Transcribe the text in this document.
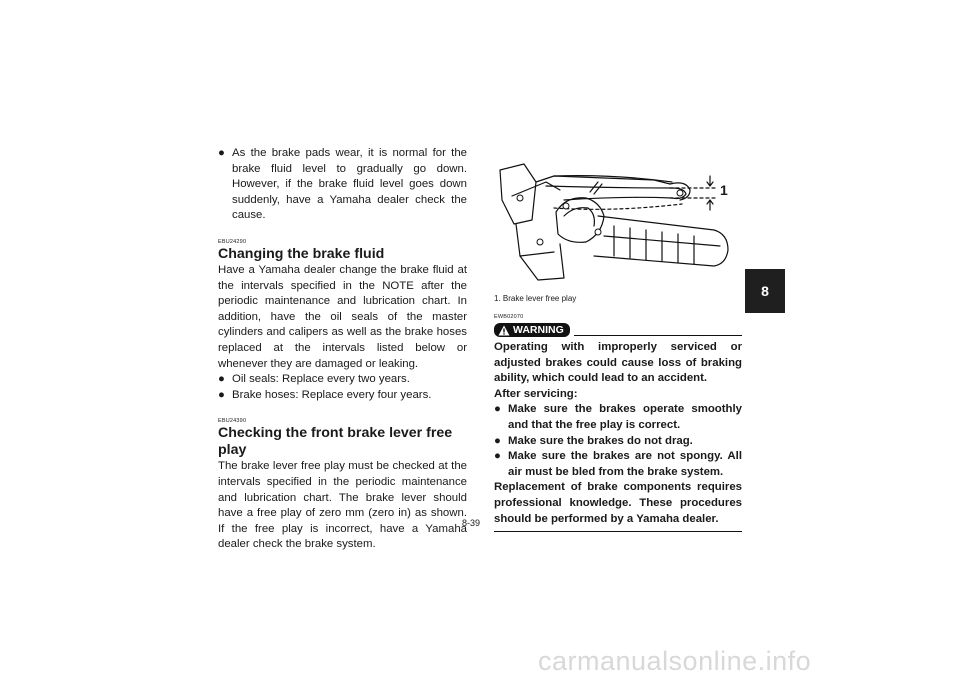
● As the brake pads wear, it is normal for the brake fluid level to gradually go down. However, if the brake fluid level goes down suddenly, have a Yamaha dealer check the cause.
EBU24290
Changing the brake fluid

Have a Yamaha dealer change the brake fluid at the intervals specified in the NOTE after the periodic maintenance and lubrication chart. In addition, have the oil seals of the master cylinders and calipers as well as the brake hoses replaced at the intervals listed below or whenever they are damaged or leaking.

● Oil seals: Replace every two years.
● Brake hoses: Replace every four years.
EBU24390
Checking the front brake lever free play

The brake lever free play must be checked at the intervals specified in the periodic maintenance and lubrication chart. The brake lever should have a free play of zero mm (zero in) as shown. If the free play is incorrect, have a Yamaha dealer check the brake system.

1
1. Brake lever free play
EWB02070
WARNING

Operating with improperly serviced or adjusted brakes could cause loss of braking ability, which could lead to an accident.

After servicing:

● Make sure the brakes operate smoothly and that the free play is correct.
● Make sure the brakes do not drag.
● Make sure the brakes are not spongy. All air must be bled from the brake system.

Replacement of brake components requires professional knowledge. These procedures should be performed by a Yamaha dealer.

8-39
8
carmanualsonline.info
